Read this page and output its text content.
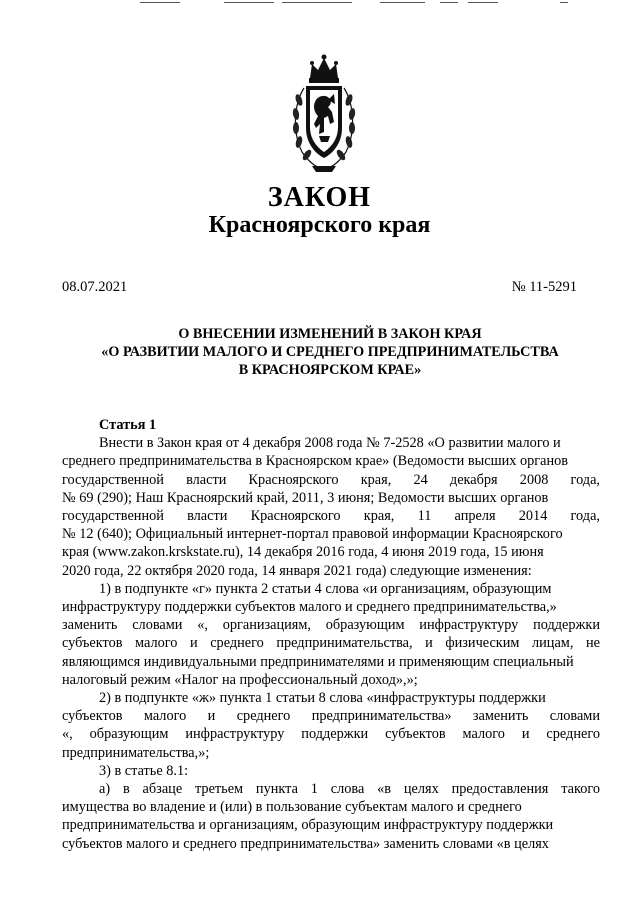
ЗАКОН
Красноярского края
08.07.2021	№ 11-5291
О ВНЕСЕНИИ ИЗМЕНЕНИЙ В ЗАКОН КРАЯ
«О РАЗВИТИИ МАЛОГО И СРЕДНЕГО ПРЕДПРИНИМАТЕЛЬСТВА
В КРАСНОЯРСКОМ КРАЕ»
Статья 1
Внести в Закон края от 4 декабря 2008 года № 7-2528 «О развитии малого и
среднего предпринимательства в Красноярском крае» (Ведомости высших органов
государственной власти Красноярского края, 24 декабря 2008 года,
№ 69 (290); Наш Красноярский край, 2011, 3 июня; Ведомости высших органов
государственной власти Красноярского края, 11 апреля 2014 года,
№ 12 (640); Официальный интернет-портал правовой информации Красноярского
края (www.zakon.krskstate.ru), 14 декабря 2016 года, 4 июня 2019 года, 15 июня
2020 года, 22 октября 2020 года, 14 января 2021 года) следующие изменения:
1) в подпункте «г» пункта 2 статьи 4 слова «и организациям, образующим
инфраструктуру поддержки субъектов малого и среднего предпринимательства,»
заменить словами «, организациям, образующим инфраструктуру поддержки
субъектов малого и среднего предпринимательства, и физическим лицам, не
являющимся индивидуальными предпринимателями и применяющим специальный
налоговый режим «Налог на профессиональный доход»,»;
2) в подпункте «ж» пункта 1 статьи 8 слова «инфраструктуры поддержки
субъектов малого и среднего предпринимательства» заменить словами
«, образующим инфраструктуру поддержки субъектов малого и среднего
предпринимательства,»;
3) в статье 8.1:
а) в абзаце третьем пункта 1 слова «в целях предоставления такого
имущества во владение и (или) в пользование субъектам малого и среднего
предпринимательства и организациям, образующим инфраструктуру поддержки
субъектов малого и среднего предпринимательства» заменить словами «в целях
